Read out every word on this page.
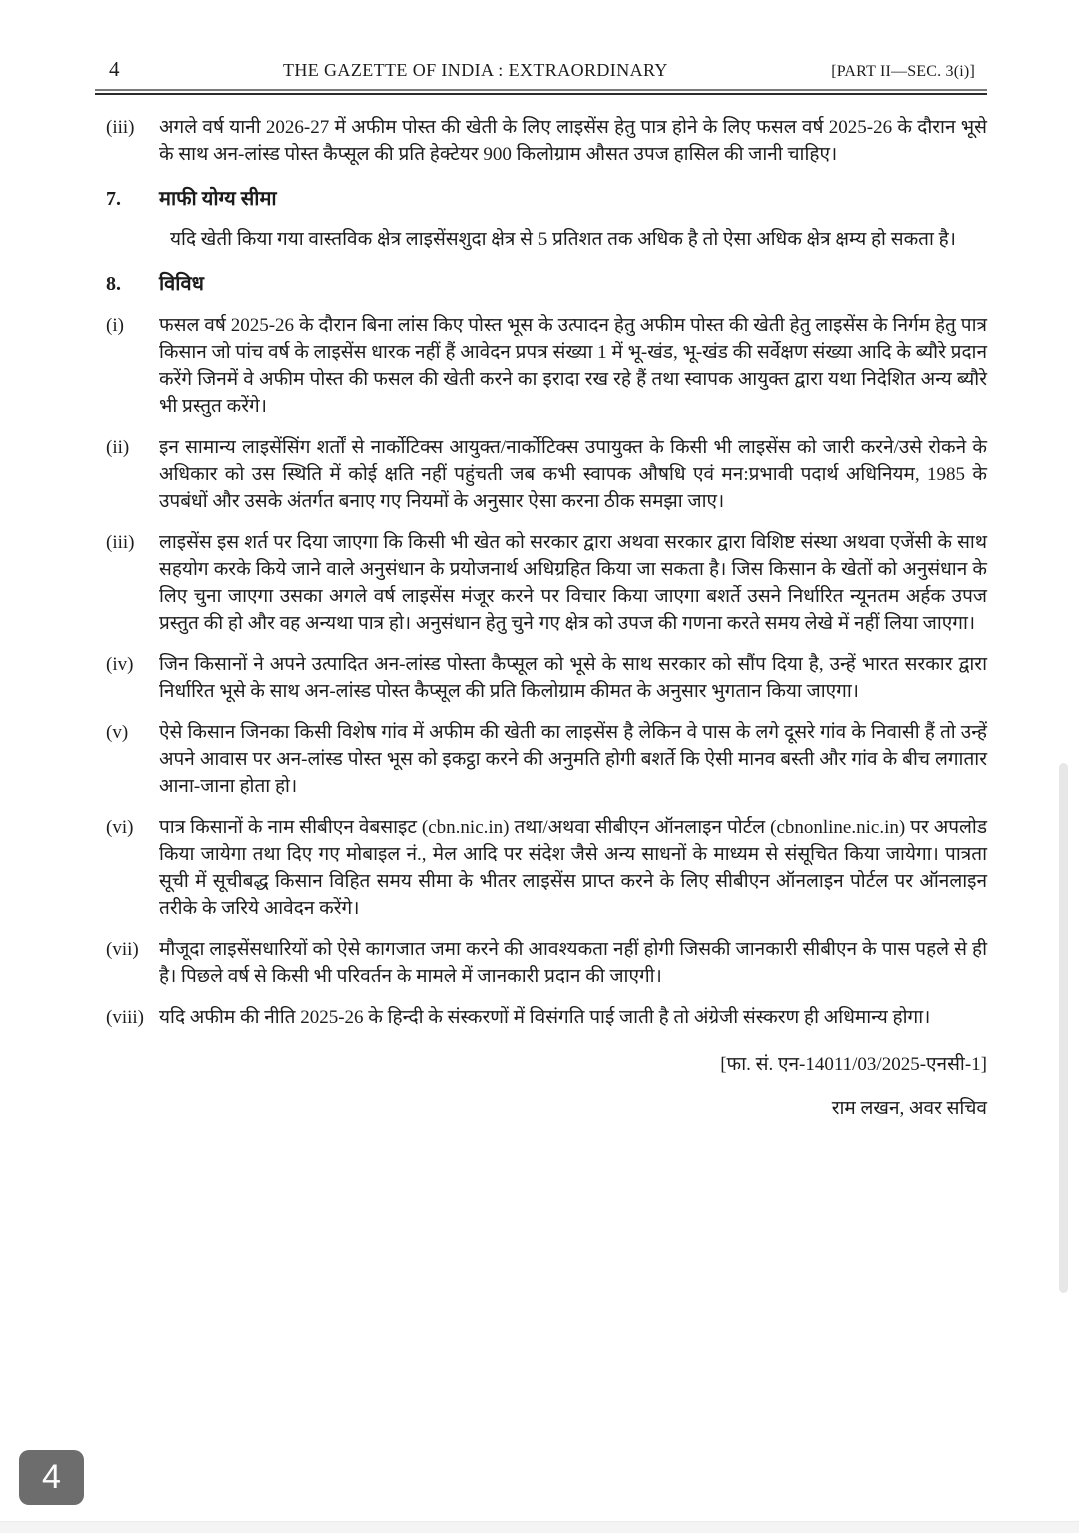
4	THE GAZETTE OF INDIA : EXTRAORDINARY	[PART II—SEC. 3(i)]
(iii)	अगले वर्ष यानी 2026-27 में अफीम पोस्त की खेती के लिए लाइसेंस हेतु पात्र होने के लिए फसल वर्ष 2025-26 के दौरान भूसे के साथ अन-लांस्ड पोस्त कैप्सूल की प्रति हेक्टेयर 900 किलोग्राम औसत उपज हासिल की जानी चाहिए।
7.	माफी योग्य सीमा

यदि खेती किया गया वास्तविक क्षेत्र लाइसेंसशुदा क्षेत्र से 5 प्रतिशत तक अधिक है तो ऐसा अधिक क्षेत्र क्षम्य हो सकता है।

8.	विविध
(i)	फसल वर्ष 2025-26 के दौरान बिना लांस किए पोस्त भूस के उत्पादन हेतु अफीम पोस्त की खेती हेतु लाइसेंस के निर्गम हेतु पात्र किसान जो पांच वर्ष के लाइसेंस धारक नहीं हैं आवेदन प्रपत्र संख्या 1 में भू-खंड, भू-खंड की सर्वेक्षण संख्या आदि के ब्यौरे प्रदान करेंगे जिनमें वे अफीम पोस्त की फसल की खेती करने का इरादा रख रहे हैं तथा स्वापक आयुक्त द्वारा यथा निदेशित अन्य ब्यौरे भी प्रस्तुत करेंगे।
(ii)	इन सामान्य लाइसेंसिंग शर्तों से नार्कोटिक्स आयुक्त/नार्कोटिक्स उपायुक्त के किसी भी लाइसेंस को जारी करने/उसे रोकने के अधिकार को उस स्थिति में कोई क्षति नहीं पहुंचती जब कभी स्वापक औषधि एवं मन:प्रभावी पदार्थ अधिनियम, 1985 के उपबंधों और उसके अंतर्गत बनाए गए नियमों के अनुसार ऐसा करना ठीक समझा जाए।
(iii)	लाइसेंस इस शर्त पर दिया जाएगा कि किसी भी खेत को सरकार द्वारा अथवा सरकार द्वारा विशिष्ट संस्था अथवा एजेंसी के साथ सहयोग करके किये जाने वाले अनुसंधान के प्रयोजनार्थ अधिग्रहित किया जा सकता है। जिस किसान के खेतों को अनुसंधान के लिए चुना जाएगा उसका अगले वर्ष लाइसेंस मंजूर करने पर विचार किया जाएगा बशर्ते उसने निर्धारित न्यूनतम अर्हक उपज प्रस्तुत की हो और वह अन्यथा पात्र हो। अनुसंधान हेतु चुने गए क्षेत्र को उपज की गणना करते समय लेखे में नहीं लिया जाएगा।
(iv)	जिन किसानों ने अपने उत्पादित अन-लांस्ड पोस्ता कैप्सूल को भूसे के साथ सरकार को सौंप दिया है, उन्हें भारत सरकार द्वारा निर्धारित भूसे के साथ अन-लांस्ड पोस्त कैप्सूल की प्रति किलोग्राम कीमत के अनुसार भुगतान किया जाएगा।
(v)	ऐसे किसान जिनका किसी विशेष गांव में अफीम की खेती का लाइसेंस है लेकिन वे पास के लगे दूसरे गांव के निवासी हैं तो उन्हें अपने आवास पर अन-लांस्ड पोस्त भूस को इकट्ठा करने की अनुमति होगी बशर्ते कि ऐसी मानव बस्ती और गांव के बीच लगातार आना-जाना होता हो।
(vi)	पात्र किसानों के नाम सीबीएन वेबसाइट (cbn.nic.in) तथा/अथवा सीबीएन ऑनलाइन पोर्टल (cbnonline.nic.in) पर अपलोड किया जायेगा तथा दिए गए मोबाइल नं., मेल आदि पर संदेश जैसे अन्य साधनों के माध्यम से संसूचित किया जायेगा। पात्रता सूची में सूचीबद्ध किसान विहित समय सीमा के भीतर लाइसेंस प्राप्त करने के लिए सीबीएन ऑनलाइन पोर्टल पर ऑनलाइन तरीके के जरिये आवेदन करेंगे।
(vii)	मौजूदा लाइसेंसधारियों को ऐसे कागजात जमा करने की आवश्यकता नहीं होगी जिसकी जानकारी सीबीएन के पास पहले से ही है। पिछले वर्ष से किसी भी परिवर्तन के मामले में जानकारी प्रदान की जाएगी।
(viii) यदि अफीम की नीति 2025-26 के हिन्दी के संस्करणों में विसंगति पाई जाती है तो अंग्रेजी संस्करण ही अधिमान्य होगा।
[फा. सं. एन-14011/03/2025-एनसी-1]
राम लखन, अवर सचिव
4
